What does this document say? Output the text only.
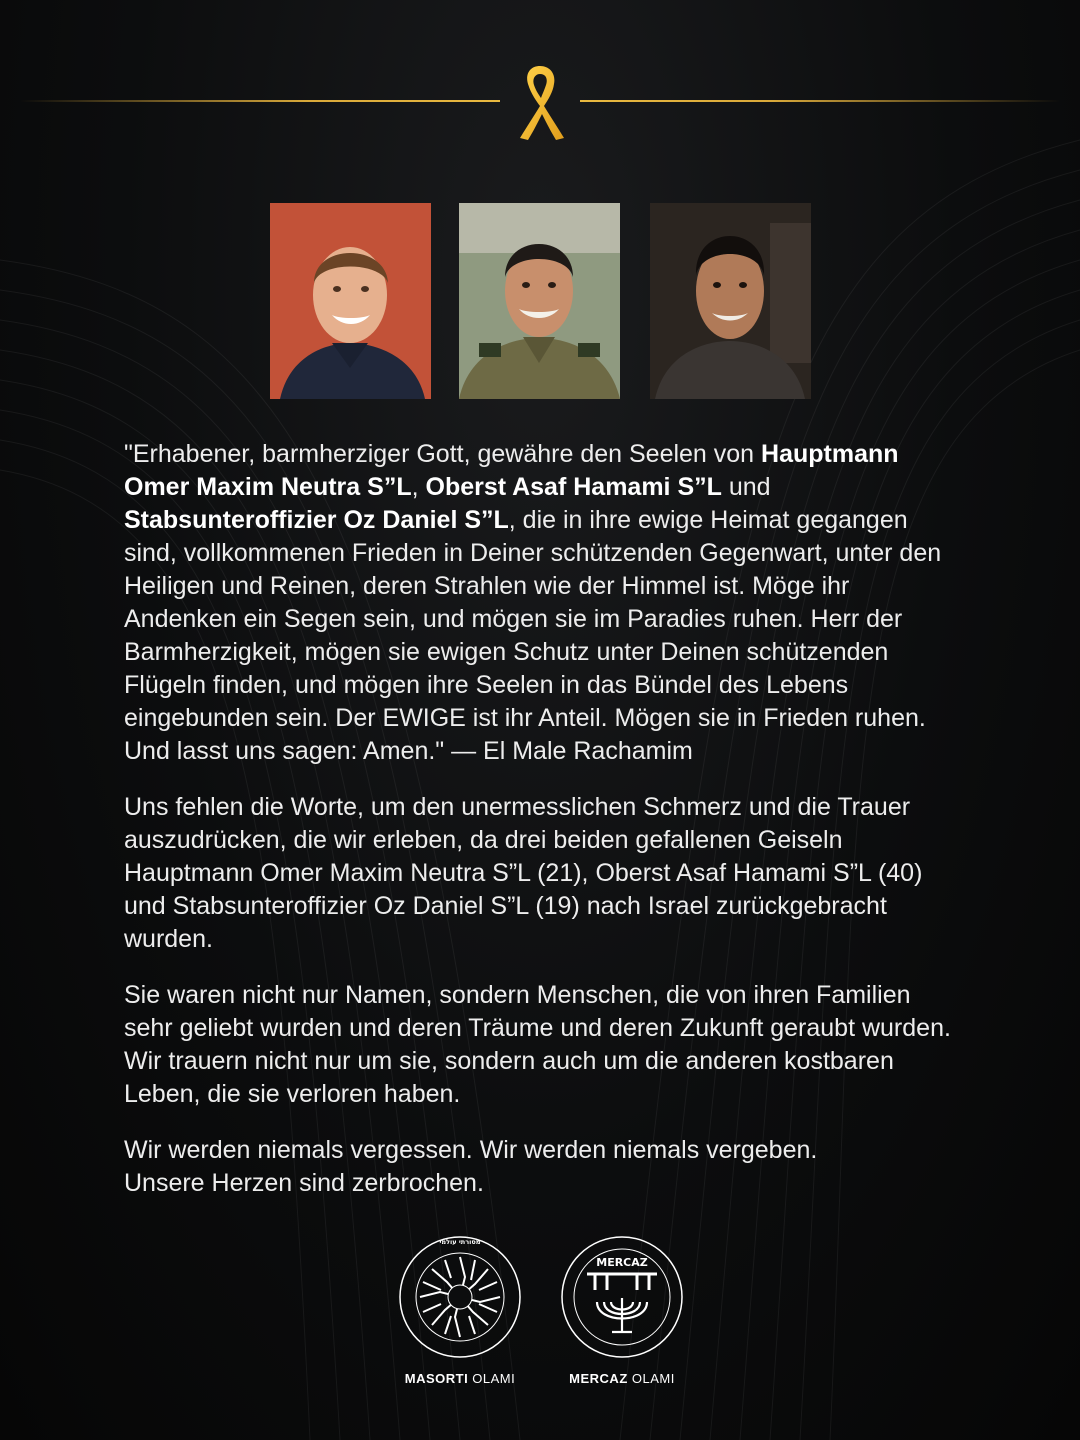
"Erhabener, barmherziger Gott, gewähre den Seelen von Hauptmann Omer Maxim Neutra S”L, Oberst Asaf Hamami S”L und Stabsunteroffizier Oz Daniel S”L, die in ihre ewige Heimat gegangen sind, vollkommenen Frieden in Deiner schützenden Gegenwart, unter den Heiligen und Reinen, deren Strahlen wie der Himmel ist. Möge ihr Andenken ein Segen sein, und mögen sie im Paradies ruhen. Herr der Barmherzigkeit, mögen sie ewigen Schutz unter Deinen schützenden Flügeln finden, und mögen ihre Seelen in das Bündel des Lebens eingebunden sein. Der EWIGE ist ihr Anteil. Mögen sie in Frieden ruhen. Und lasst uns sagen: Amen." — El Male Rachamim

Uns fehlen die Worte, um den unermesslichen Schmerz und die Trauer auszudrücken, die wir erleben, da drei beiden gefallenen Geiseln Hauptmann Omer Maxim Neutra S”L (21), Oberst Asaf Hamami S”L (40) und Stabsunteroffizier Oz Daniel S”L (19) nach Israel zurückgebracht wurden.

Sie waren nicht nur Namen, sondern Menschen, die von ihren Familien sehr geliebt wurden und deren Träume und deren Zukunft geraubt wurden. Wir trauern nicht nur um sie, sondern auch um die anderen kostbaren Leben, die sie verloren haben.

Wir werden niemals vergessen. Wir werden niemals vergeben.
Unsere Herzen sind zerbrochen.

מסורתי עולמי
MASORTI OLAMI
MERCAZ
MERCAZ OLAMI
